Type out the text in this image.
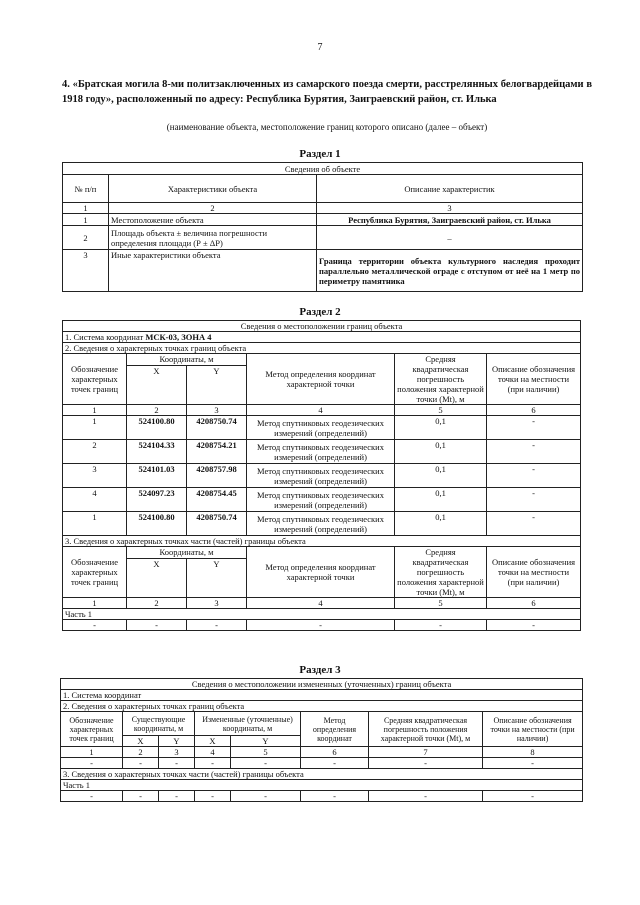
7
4. «Братская могила 8-ми политзаключенных из самарского поезда смерти, расстрелянных белогвардейцами в 1918 году», расположенный по адресу: Республика Бурятия, Заиграевский район, ст. Илька
(наименование объекта, местоположение границ которого описано (далее – объект)
Раздел 1
Сведения об объекте		
№ п/п	Характеристики объекта	Описание характеристик
1	2	3
1	Местоположение объекта	Республика Бурятия, Заиграевский район, ст. Илька
2	Площадь объекта ± величина погрешности определения площади (Р ± ΔР)	–
3	Иные характеристики объекта	Граница территории объекта культурного наследия проходит параллельно металлической ограде с отступом от неё на 1 метр по периметру памятника
Раздел 2
Сведения о местоположении границ объекта					
1. Система координат МСК-03, ЗОНА 4					
2. Сведения о характерных точках границ объекта					
Обозначение характерных точек границ	Координаты, м		Метод определения координат характерной точки	Средняя квадратическая погрешность положения характерной точки (Mt), м	Описание обозначения точки на местности (при наличии)
	X	Y			
1	2	3	4	5	6
1	524100.80	4208750.74	Метод спутниковых геодезических измерений (определений)	0,1	-
2	524104.33	4208754.21	Метод спутниковых геодезических измерений (определений)	0,1	-
3	524101.03	4208757.98	Метод спутниковых геодезических измерений (определений)	0,1	-
4	524097.23	4208754.45	Метод спутниковых геодезических измерений (определений)	0,1	-
1	524100.80	4208750.74	Метод спутниковых геодезических измерений (определений)	0,1	-
3. Сведения о характерных точках части (частей) границы объекта					
Обозначение характерных точек границ	Координаты, м		Метод определения координат характерной точки	Средняя квадратическая погрешность положения характерной точки (Mt), м	Описание обозначения точки на местности (при наличии)
	X	Y			
1	2	3	4	5	6
Часть 1					
-	-	-	-	-	-
Раздел 3
Сведения о местоположении измененных (уточненных) границ объекта							
1. Система координат							
2. Сведения о характерных точках границ объекта							
Обозначение характерных точек границ	Существующие координаты, м		Измененные (уточненные) координаты, м		Метод определения координат	Средняя квадратическая погрешность положения характерной точки (Mt), м	Описание обозначения точки на местности (при наличии)
	X	Y	X	Y			
1	2	3	4	5	6	7	8
-	-	-	-	-	-	-	-
3. Сведения о характерных точках части (частей) границы объекта							
Часть 1							
-	-	-	-	-	-	-	-
